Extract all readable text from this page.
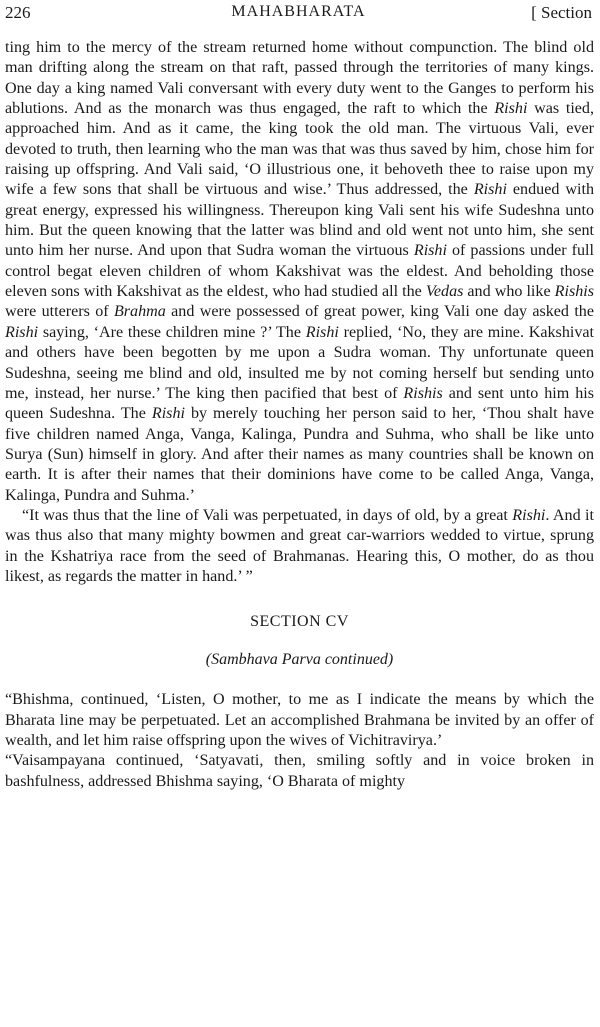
226	MAHABHARATA	[ Section

ting him to the mercy of the stream returned home without compunction. The blind old man drifting along the stream on that raft, passed through the territories of many kings. One day a king named Vali conversant with every duty went to the Ganges to perform his ablutions. And as the monarch was thus engaged, the raft to which the Rishi was tied, approached him. And as it came, the king took the old man. The virtuous Vali, ever devoted to truth, then learning who the man was that was thus saved by him, chose him for raising up offspring. And Vali said, ‘O illustrious one, it behoveth thee to raise upon my wife a few sons that shall be virtuous and wise.’ Thus addressed, the Rishi endued with great energy, expressed his willingness. Thereupon king Vali sent his wife Sudeshna unto him. But the queen knowing that the latter was blind and old went not unto him, she sent unto him her nurse. And upon that Sudra woman the virtuous Rishi of passions under full control begat eleven children of whom Kakshivat was the eldest. And beholding those eleven sons with Kakshivat as the eldest, who had studied all the Vedas and who like Rishis were utterers of Brahma and were possessed of great power, king Vali one day asked the Rishi saying, ‘Are these children mine ?’ The Rishi replied, ‘No, they are mine. Kakshivat and others have been begotten by me upon a Sudra woman. Thy unfortunate queen Sudeshna, seeing me blind and old, insulted me by not coming herself but sending unto me, instead, her nurse.’ The king then pacified that best of Rishis and sent unto him his queen Sudeshna. The Rishi by merely touching her person said to her, ‘Thou shalt have five children named Anga, Vanga, Kalinga, Pundra and Suhma, who shall be like unto Surya (Sun) himself in glory. And after their names as many countries shall be known on earth. It is after their names that their dominions have come to be called Anga, Vanga, Kalinga, Pundra and Suhma.’

“It was thus that the line of Vali was perpetuated, in days of old, by a great Rishi. And it was thus also that many mighty bowmen and great car-warriors wedded to virtue, sprung in the Kshatriya race from the seed of Brahmanas. Hearing this, O mother, do as thou likest, as regards the matter in hand.’ ”

SECTION CV
(Sambhava Parva continued)

“Bhishma, continued, ‘Listen, O mother, to me as I indicate the means by which the Bharata line may be perpetuated. Let an accomplished Brahmana be invited by an offer of wealth, and let him raise offspring upon the wives of Vichitravirya.’

“Vaisampayana continued, ‘Satyavati, then, smiling softly and in voice broken in bashfulness, addressed Bhishma saying, ‘O Bharata of mighty
